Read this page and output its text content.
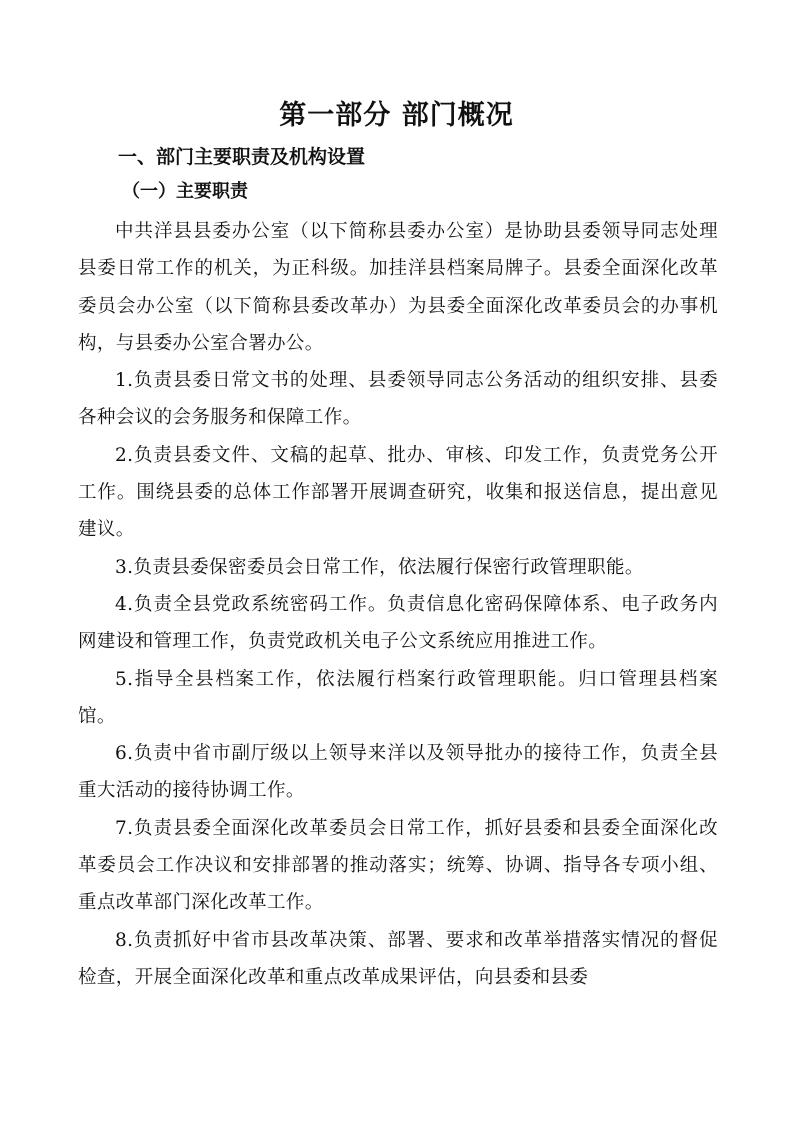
第一部分 部门概况
一、部门主要职责及机构设置
（一）主要职责

中共洋县县委办公室（以下简称县委办公室）是协助县委领导同志处理县委日常工作的机关，为正科级。加挂洋县档案局牌子。县委全面深化改革委员会办公室（以下简称县委改革办）为县委全面深化改革委员会的办事机构，与县委办公室合署办公。

1.负责县委日常文书的处理、县委领导同志公务活动的组织安排、县委各种会议的会务服务和保障工作。

2.负责县委文件、文稿的起草、批办、审核、印发工作，负责党务公开工作。围绕县委的总体工作部署开展调查研究，收集和报送信息，提出意见建议。

3.负责县委保密委员会日常工作，依法履行保密行政管理职能。

4.负责全县党政系统密码工作。负责信息化密码保障体系、电子政务内网建设和管理工作，负责党政机关电子公文系统应用推进工作。

5.指导全县档案工作，依法履行档案行政管理职能。归口管理县档案馆。

6.负责中省市副厅级以上领导来洋以及领导批办的接待工作，负责全县重大活动的接待协调工作。

7.负责县委全面深化改革委员会日常工作，抓好县委和县委全面深化改革委员会工作决议和安排部署的推动落实；统筹、协调、指导各专项小组、重点改革部门深化改革工作。

8.负责抓好中省市县改革决策、部署、要求和改革举措落实情况的督促检查，开展全面深化改革和重点改革成果评估，向县委和县委
